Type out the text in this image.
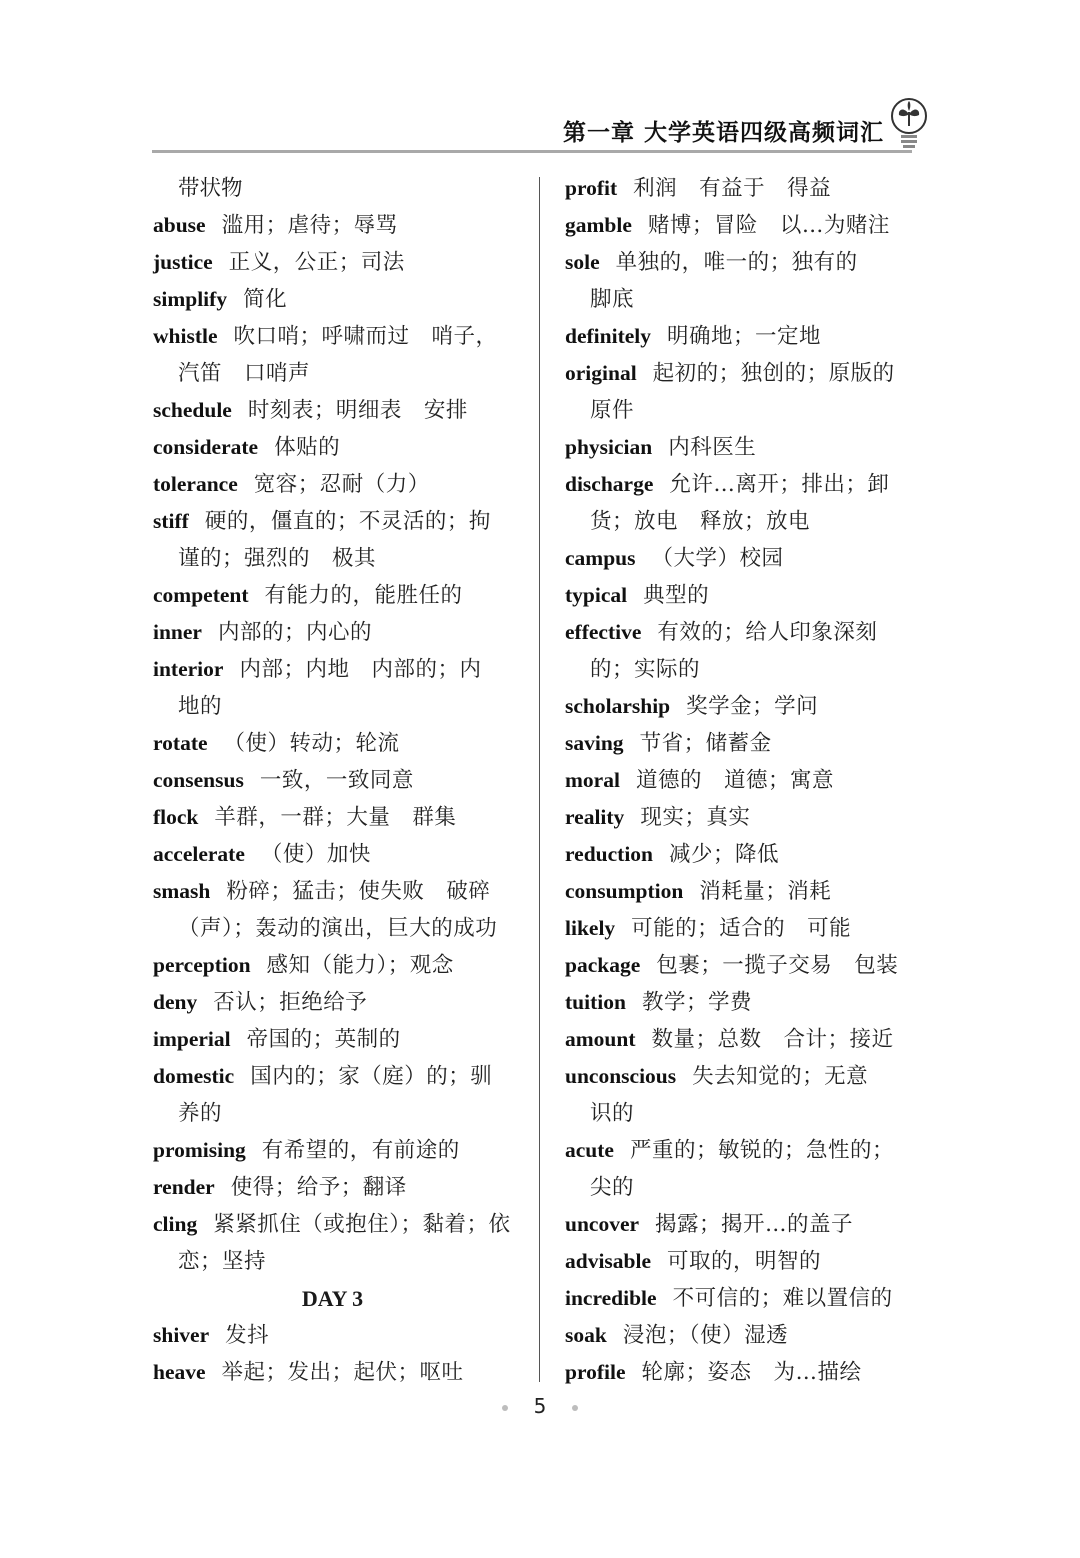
第一章 大学英语四级高频词汇
带状物

abuse 滥用；虐待；辱骂

justice 正义，公正；司法

simplify 简化

whistle 吹口哨；呼啸而过　哨子，
汽笛　口哨声

schedule 时刻表；明细表　安排

considerate 体贴的

tolerance 宽容；忍耐（力）

stiff 硬的，僵直的；不灵活的；拘
谨的；强烈的　极其

competent 有能力的，能胜任的

inner 内部的；内心的

interior 内部；内地　内部的；内
地的

rotate （使）转动；轮流

consensus 一致，一致同意

flock 羊群，一群；大量　群集

accelerate （使）加快

smash 粉碎；猛击；使失败　破碎
（声）；轰动的演出，巨大的成功

perception 感知（能力）；观念

deny 否认；拒绝给予

imperial 帝国的；英制的

domestic 国内的；家（庭）的；驯
养的

promising 有希望的，有前途的

render 使得；给予；翻译

cling 紧紧抓住（或抱住）；黏着；依
恋；坚持

DAY 3

shiver 发抖

heave 举起；发出；起伏；呕吐

profit 利润　有益于　得益

gamble 赌博；冒险　以…为赌注

sole 单独的，唯一的；独有的
脚底

definitely 明确地；一定地

original 起初的；独创的；原版的
原件

physician 内科医生

discharge 允许…离开；排出；卸
货；放电　释放；放电

campus （大学）校园

typical 典型的

effective 有效的；给人印象深刻
的；实际的

scholarship 奖学金；学问

saving 节省；储蓄金

moral 道德的　道德；寓意

reality 现实；真实

reduction 减少；降低

consumption 消耗量；消耗

likely 可能的；适合的　可能

package 包裹；一揽子交易　包装

tuition 教学；学费

amount 数量；总数　合计；接近

unconscious 失去知觉的；无意
识的

acute 严重的；敏锐的；急性的；
尖的

uncover 揭露；揭开…的盖子

advisable 可取的，明智的

incredible 不可信的；难以置信的

soak 浸泡；（使）湿透

profile 轮廓；姿态　为…描绘

5
